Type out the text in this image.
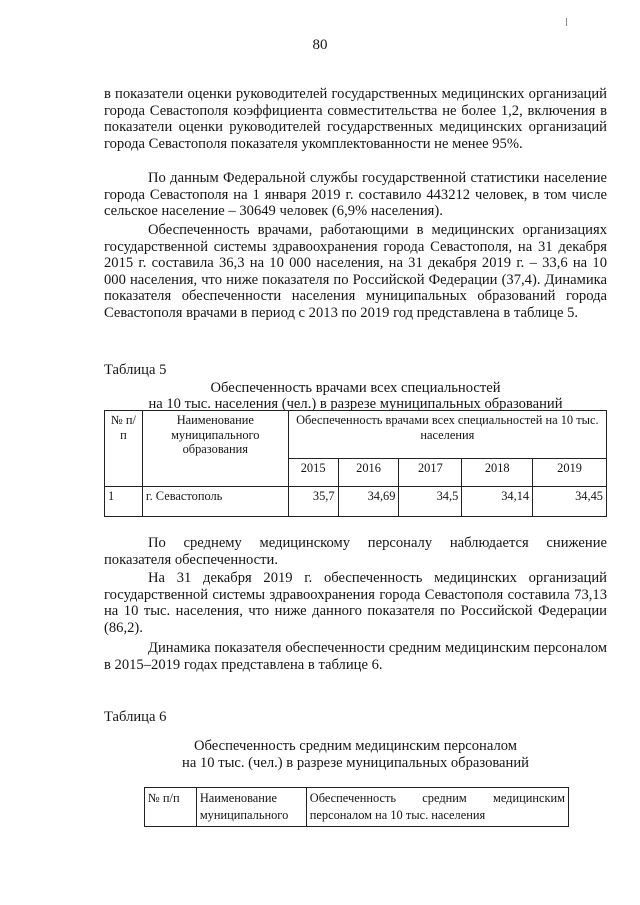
80

в показатели оценки руководителей государственных медицинских организаций города Севастополя коэффициента совместительства не более 1,2, включения в показатели оценки руководителей государственных медицинских организаций города Севастополя показателя укомплектованности не менее 95%.

По данным Федеральной службы государственной статистики население города Севастополя на 1 января 2019 г. составило 443212 человек, в том числе сельское население – 30649 человек (6,9% населения).

Обеспеченность врачами, работающими в медицинских организациях государственной системы здравоохранения города Севастополя, на 31 декабря 2015 г. составила 36,3 на 10 000 населения, на 31 декабря 2019 г. – 33,6 на 10 000 населения, что ниже показателя по Российской Федерации (37,4). Динамика показателя обеспеченности населения муниципальных образований города Севастополя врачами в период с 2013 по 2019 год представлена в таблице 5.

Таблица 5

Обеспеченность врачами всех специальностей

на 10 тыс. населения (чел.) в разрезе муниципальных образований

№ п/п	Наименование муниципального образования	Обеспеченность врачами всех специальностей на 10 тыс. населения				
		2015	2016	2017	2018	2019
1	г. Севастополь	35,7	34,69	34,5	34,14	34,45

По среднему медицинскому персоналу наблюдается снижение показателя обеспеченности.

На 31 декабря 2019 г. обеспеченность медицинских организаций государственной системы здравоохранения города Севастополя составила 73,13 на 10 тыс. населения, что ниже данного показателя по Российской Федерации (86,2).

Динамика показателя обеспеченности средним медицинским персоналом в 2015–2019 годах представлена в таблице 6.

Таблица 6

Обеспеченность средним медицинским персоналом

на 10 тыс. (чел.) в разрезе муниципальных образований

№ п/п	Наименование муниципального	Обеспеченность средним медицинским персоналом на 10 тыс. населения
